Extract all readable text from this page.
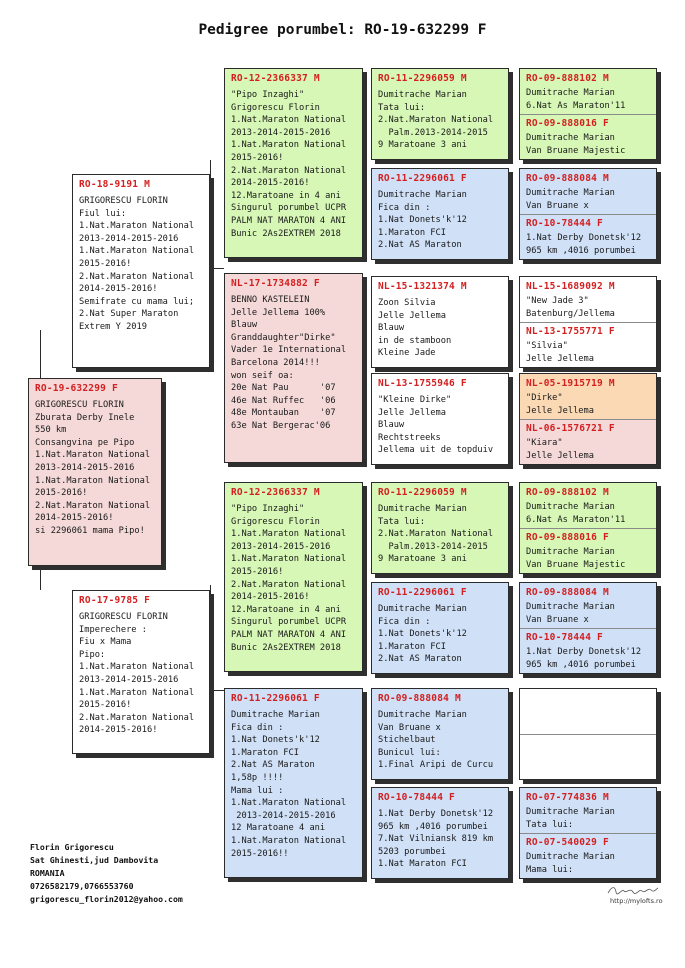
Pedigree porumbel: RO-19-632299 F
RO-19-632299 F
GRIGORESCU FLORIN
Zburata Derby Inele
550 km
Consangvina pe Pipo
1.Nat.Maraton National
2013-2014-2015-2016
1.Nat.Maraton National
2015-2016!
2.Nat.Maraton National
2014-2015-2016!
si 2296061 mama Pipo!
RO-18-9191 M
GRIGORESCU FLORIN
Fiul lui:
1.Nat.Maraton National
2013-2014-2015-2016
1.Nat.Maraton National
2015-2016!
2.Nat.Maraton National
2014-2015-2016!
Semifrate cu mama lui;
2.Nat Super Maraton
Extrem Y 2019
RO-17-9785 F
GRIGORESCU FLORIN
Imperechere :
Fiu x Mama
Pipo:
1.Nat.Maraton National
2013-2014-2015-2016
1.Nat.Maraton National
2015-2016!
2.Nat.Maraton National
2014-2015-2016!
RO-12-2366337 M
"Pipo Inzaghi"
Grigorescu Florin
1.Nat.Maraton National
2013-2014-2015-2016
1.Nat.Maraton National
2015-2016!
2.Nat.Maraton National
2014-2015-2016!
12.Maratoane in 4 ani
Singurul porumbel UCPR
PALM NAT MARATON 4 ANI
Bunic 2As2EXTREM 2018
NL-17-1734882 F
BENNO KASTELEIN
Jelle Jellema 100%
Blauw
Granddaughter"Dirke"
Vader 1e International
Barcelona 2014!!!
won seif oa:
20e Nat Pau      '07
46e Nat Ruffec   '06
48e Montauban    '07
63e Nat Bergerac'06
RO-12-2366337 M
"Pipo Inzaghi"
Grigorescu Florin
1.Nat.Maraton National
2013-2014-2015-2016
1.Nat.Maraton National
2015-2016!
2.Nat.Maraton National
2014-2015-2016!
12.Maratoane in 4 ani
Singurul porumbel UCPR
PALM NAT MARATON 4 ANI
Bunic 2As2EXTREM 2018
RO-11-2296061 F
Dumitrache Marian
Fica din :
1.Nat Donets'k'12
1.Maraton FCI
2.Nat AS Maraton
1,58p !!!!
Mama lui :
1.Nat.Maraton National
2013-2014-2015-2016
12 Maratoane 4 ani
1.Nat.Maraton National
2015-2016!!
RO-11-2296059 M
Dumitrache Marian
Tata lui:
2.Nat.Maraton National
Palm.2013-2014-2015
9 Maratoane 3 ani
RO-11-2296061 F
Dumitrache Marian
Fica din :
1.Nat Donets'k'12
1.Maraton FCI
2.Nat AS Maraton
NL-15-1321374 M
Zoon Silvia
Jelle Jellema
Blauw
in de stamboon
Kleine Jade
NL-13-1755946 F
"Kleine Dirke"
Jelle Jellema
Blauw
Rechtstreeks
Jellema uit de topduiv
RO-11-2296059 M
Dumitrache Marian
Tata lui:
2.Nat.Maraton National
Palm.2013-2014-2015
9 Maratoane 3 ani
RO-11-2296061 F
Dumitrache Marian
Fica din :
1.Nat Donets'k'12
1.Maraton FCI
2.Nat AS Maraton
RO-09-888084 M
Dumitrache Marian
Van Bruane x
Stichelbaut
Bunicul lui:
1.Final Aripi de Curcu
RO-10-78444 F
1.Nat Derby Donetsk'12
965 km ,4016 porumbei
7.Nat Vilniansk 819 km
5203 porumbei
1.Nat Maraton FCI
RO-09-888102 M
Dumitrache Marian
6.Nat As Maraton'11
RO-09-888016 F
Dumitrache Marian
Van Bruane Majestic
RO-09-888084 M
Dumitrache Marian
Van Bruane x
RO-10-78444 F
1.Nat Derby Donetsk'12
965 km ,4016 porumbei
NL-15-1689092 M
"New Jade 3"
Batenburg/Jellema
NL-13-1755771 F
"Silvia"
Jelle Jellema
NL-05-1915719 M
"Dirke"
Jelle Jellema
NL-06-1576721 F
"Kiara"
Jelle Jellema
RO-09-888102 M
Dumitrache Marian
6.Nat As Maraton'11
RO-09-888016 F
Dumitrache Marian
Van Bruane Majestic
RO-09-888084 M
Dumitrache Marian
Van Bruane x
RO-10-78444 F
1.Nat Derby Donetsk'12
965 km ,4016 porumbei
RO-07-774836 M
Dumitrache Marian
Tata lui:
RO-07-540029 F
Dumitrache Marian
Mama lui:
Florin Grigorescu
Sat Ghinesti,jud Dambovita
ROMANIA
0726582179,0766553760
grigorescu_florin2012@yahoo.com	http://mylofts.ro
